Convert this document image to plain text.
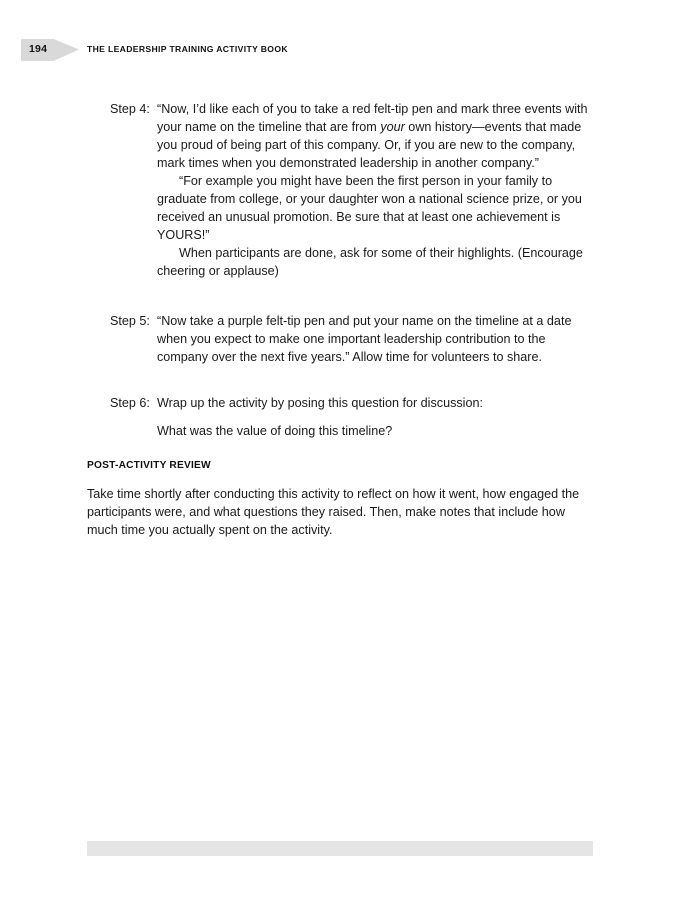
194	THE LEADERSHIP TRAINING ACTIVITY BOOK
Step 4: “Now, I’d like each of you to take a red felt-tip pen and mark three events with your name on the timeline that are from your own history—events that made you proud of being part of this company. Or, if you are new to the company, mark times when you demonstrated leadership in another company.”

“For example you might have been the first person in your family to graduate from college, or your daughter won a national science prize, or you received an unusual promotion. Be sure that at least one achievement is YOURS!”

When participants are done, ask for some of their highlights. (Encourage cheering or applause)

Step 5: “Now take a purple felt-tip pen and put your name on the timeline at a date when you expect to make one important leadership contribution to the company over the next five years.” Allow time for volunteers to share.

Step 6: Wrap up the activity by posing this question for discussion:

What was the value of doing this timeline?

POST-ACTIVITY REVIEW

Take time shortly after conducting this activity to reflect on how it went, how engaged the participants were, and what questions they raised. Then, make notes that include how much time you actually spent on the activity.
